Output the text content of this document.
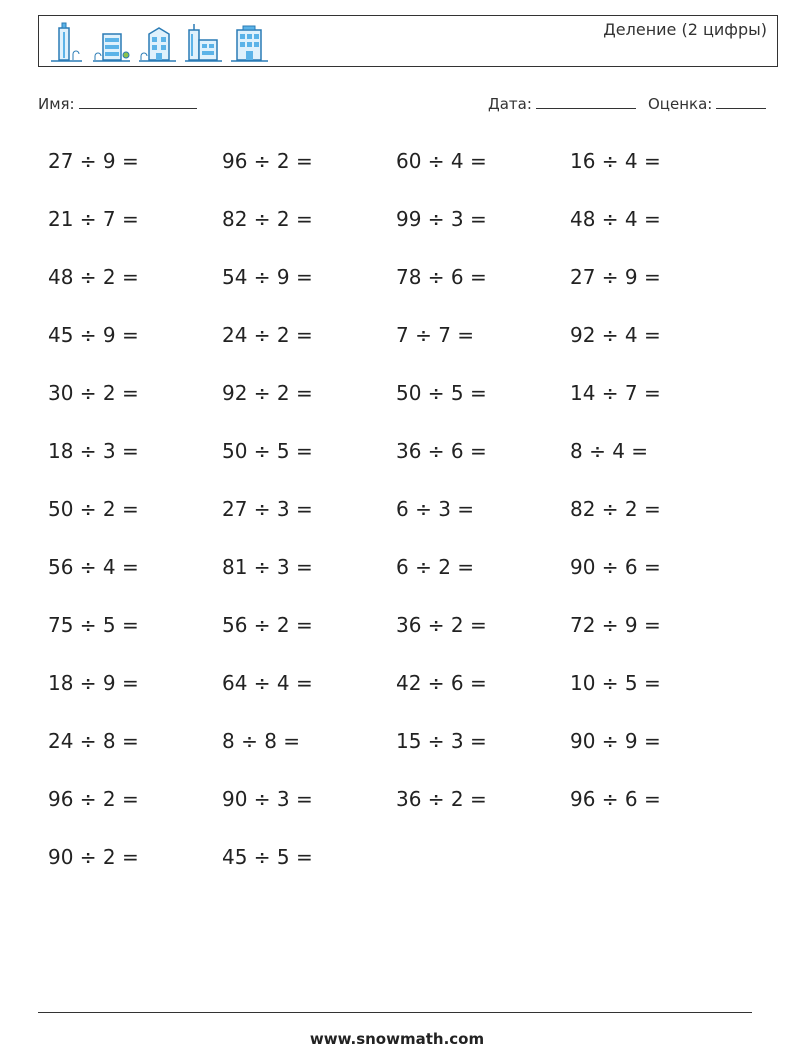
Деление (2 цифры)
Имя:	Дата:	Оценка:
27 ÷ 9 =	96 ÷ 2 =	60 ÷ 4 =	16 ÷ 4 =
21 ÷ 7 =	82 ÷ 2 =	99 ÷ 3 =	48 ÷ 4 =
48 ÷ 2 =	54 ÷ 9 =	78 ÷ 6 =	27 ÷ 9 =
45 ÷ 9 =	24 ÷ 2 =	7 ÷ 7 =	92 ÷ 4 =
30 ÷ 2 =	92 ÷ 2 =	50 ÷ 5 =	14 ÷ 7 =
18 ÷ 3 =	50 ÷ 5 =	36 ÷ 6 =	8 ÷ 4 =
50 ÷ 2 =	27 ÷ 3 =	6 ÷ 3 =	82 ÷ 2 =
56 ÷ 4 =	81 ÷ 3 =	6 ÷ 2 =	90 ÷ 6 =
75 ÷ 5 =	56 ÷ 2 =	36 ÷ 2 =	72 ÷ 9 =
18 ÷ 9 =	64 ÷ 4 =	42 ÷ 6 =	10 ÷ 5 =
24 ÷ 8 =	8 ÷ 8 =	15 ÷ 3 =	90 ÷ 9 =
96 ÷ 2 =	90 ÷ 3 =	36 ÷ 2 =	96 ÷ 6 =
90 ÷ 2 =	45 ÷ 5 =
www.snowmath.com
